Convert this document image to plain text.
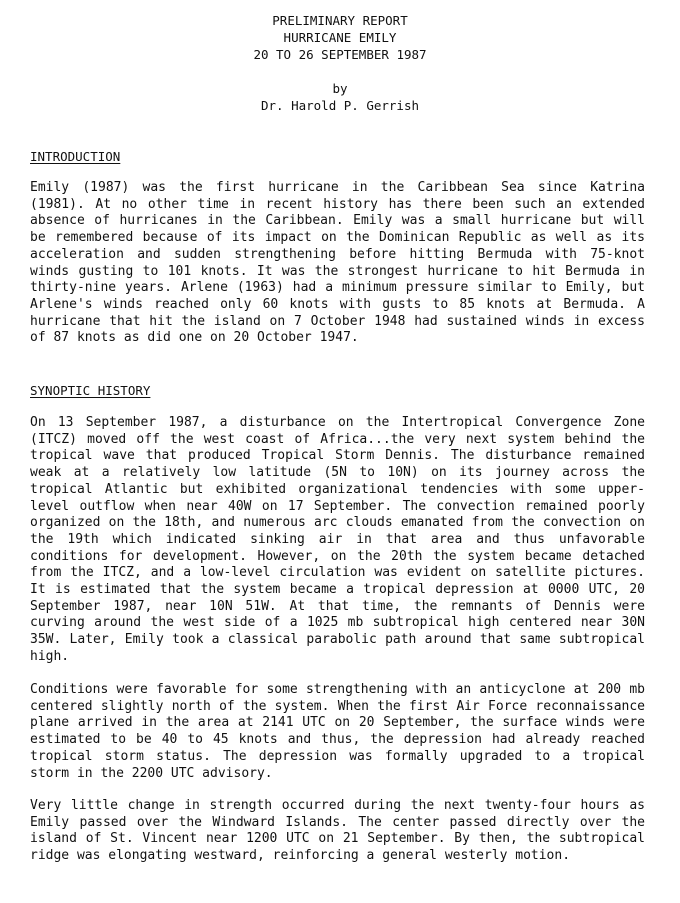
PRELIMINARY REPORT
HURRICANE EMILY
20 TO 26 SEPTEMBER 1987
by
Dr. Harold P. Gerrish
INTRODUCTION
Emily (1987) was the first hurricane in the Caribbean Sea since Katrina (1981). At no other time in recent history has there been such an extended absence of hurricanes in the Caribbean. Emily was a small hurricane but will be remembered because of its impact on the Dominican Republic as well as its acceleration and sudden strengthening before hitting Bermuda with 75-knot winds gusting to 101 knots. It was the strongest hurricane to hit Bermuda in thirty-nine years. Arlene (1963) had a minimum pressure similar to Emily, but Arlene's winds reached only 60 knots with gusts to 85 knots at Bermuda. A hurricane that hit the island on 7 October 1948 had sustained winds in excess of 87 knots as did one on 20 October 1947.
SYNOPTIC HISTORY
On 13 September 1987, a disturbance on the Intertropical Convergence Zone (ITCZ) moved off the west coast of Africa...the very next system behind the tropical wave that produced Tropical Storm Dennis. The disturbance remained weak at a relatively low latitude (5N to 10N) on its journey across the tropical Atlantic but exhibited organizational tendencies with some upper-level outflow when near 40W on 17 September. The convection remained poorly organized on the 18th, and numerous arc clouds emanated from the convection on the 19th which indicated sinking air in that area and thus unfavorable conditions for development. However, on the 20th the system became detached from the ITCZ, and a low-level circulation was evident on satellite pictures. It is estimated that the system became a tropical depression at 0000 UTC, 20 September 1987, near 10N 51W. At that time, the remnants of Dennis were curving around the west side of a 1025 mb subtropical high centered near 30N 35W. Later, Emily took a classical parabolic path around that same subtropical high.
Conditions were favorable for some strengthening with an anticyclone at 200 mb centered slightly north of the system. When the first Air Force reconnaissance plane arrived in the area at 2141 UTC on 20 September, the surface winds were estimated to be 40 to 45 knots and thus, the depression had already reached tropical storm status. The depression was formally upgraded to a tropical storm in the 2200 UTC advisory.
Very little change in strength occurred during the next twenty-four hours as Emily passed over the Windward Islands. The center passed directly over the island of St. Vincent near 1200 UTC on 21 September. By then, the subtropical ridge was elongating westward, reinforcing a general westerly motion.
